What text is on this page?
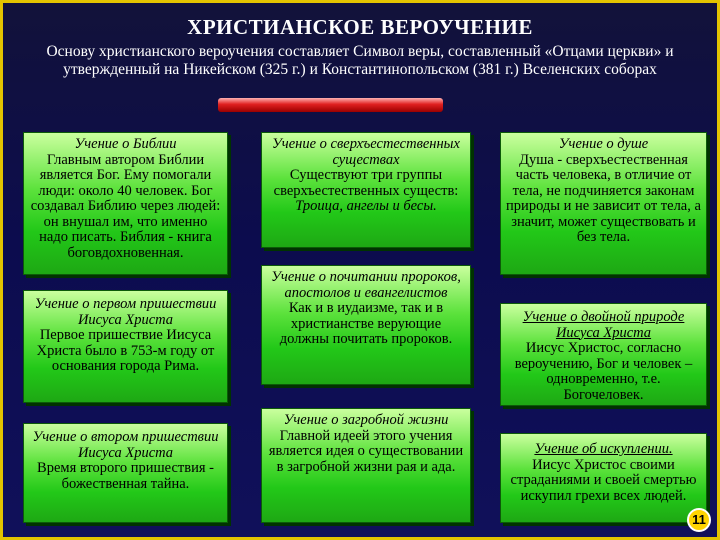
ХРИСТИАНСКОЕ ВЕРОУЧЕНИЕ
Основу христианского вероучения составляет Символ веры, составленный «Отцами церкви» и утвержденный на Никейском (325 г.) и Константинопольском (381 г.) Вселенских соборах
Учение о Библии
Главным автором Библии является Бог. Ему помогали люди: около 40 человек. Бог создавал Библию через людей: он внушал им, что именно надо писать. Библия - книга боговдохновенная.
Учение о первом пришествии Иисуса Христа
Первое пришествие Иисуса Христа было в 753-м году от основания города Рима.
Учение о втором пришествии Иисуса Христа
Время второго пришествия - божественная тайна.
Учение о сверхъестественных существах
Существуют три группы сверхъестественных существ: Троица, ангелы и бесы.
Учение о почитании пророков, апостолов и евангелистов
Как и в иудаизме, так и в христианстве верующие должны почитать пророков.
Учение о загробной жизни
Главной идеей этого учения является идея о существовании в загробной жизни рая и ада.
Учение о душе
Душа - сверхъестественная часть человека, в отличие от тела, не подчиняется законам природы и не зависит от тела, а значит, может существовать и без тела.
Учение о двойной природе Иисуса Христа
Иисус Христос, согласно вероучению, Бог и человек – одновременно, т.е. Богочеловек.
Учение об искуплении.
Иисус Христос своими страданиями и своей смертью искупил грехи всех людей.
11
